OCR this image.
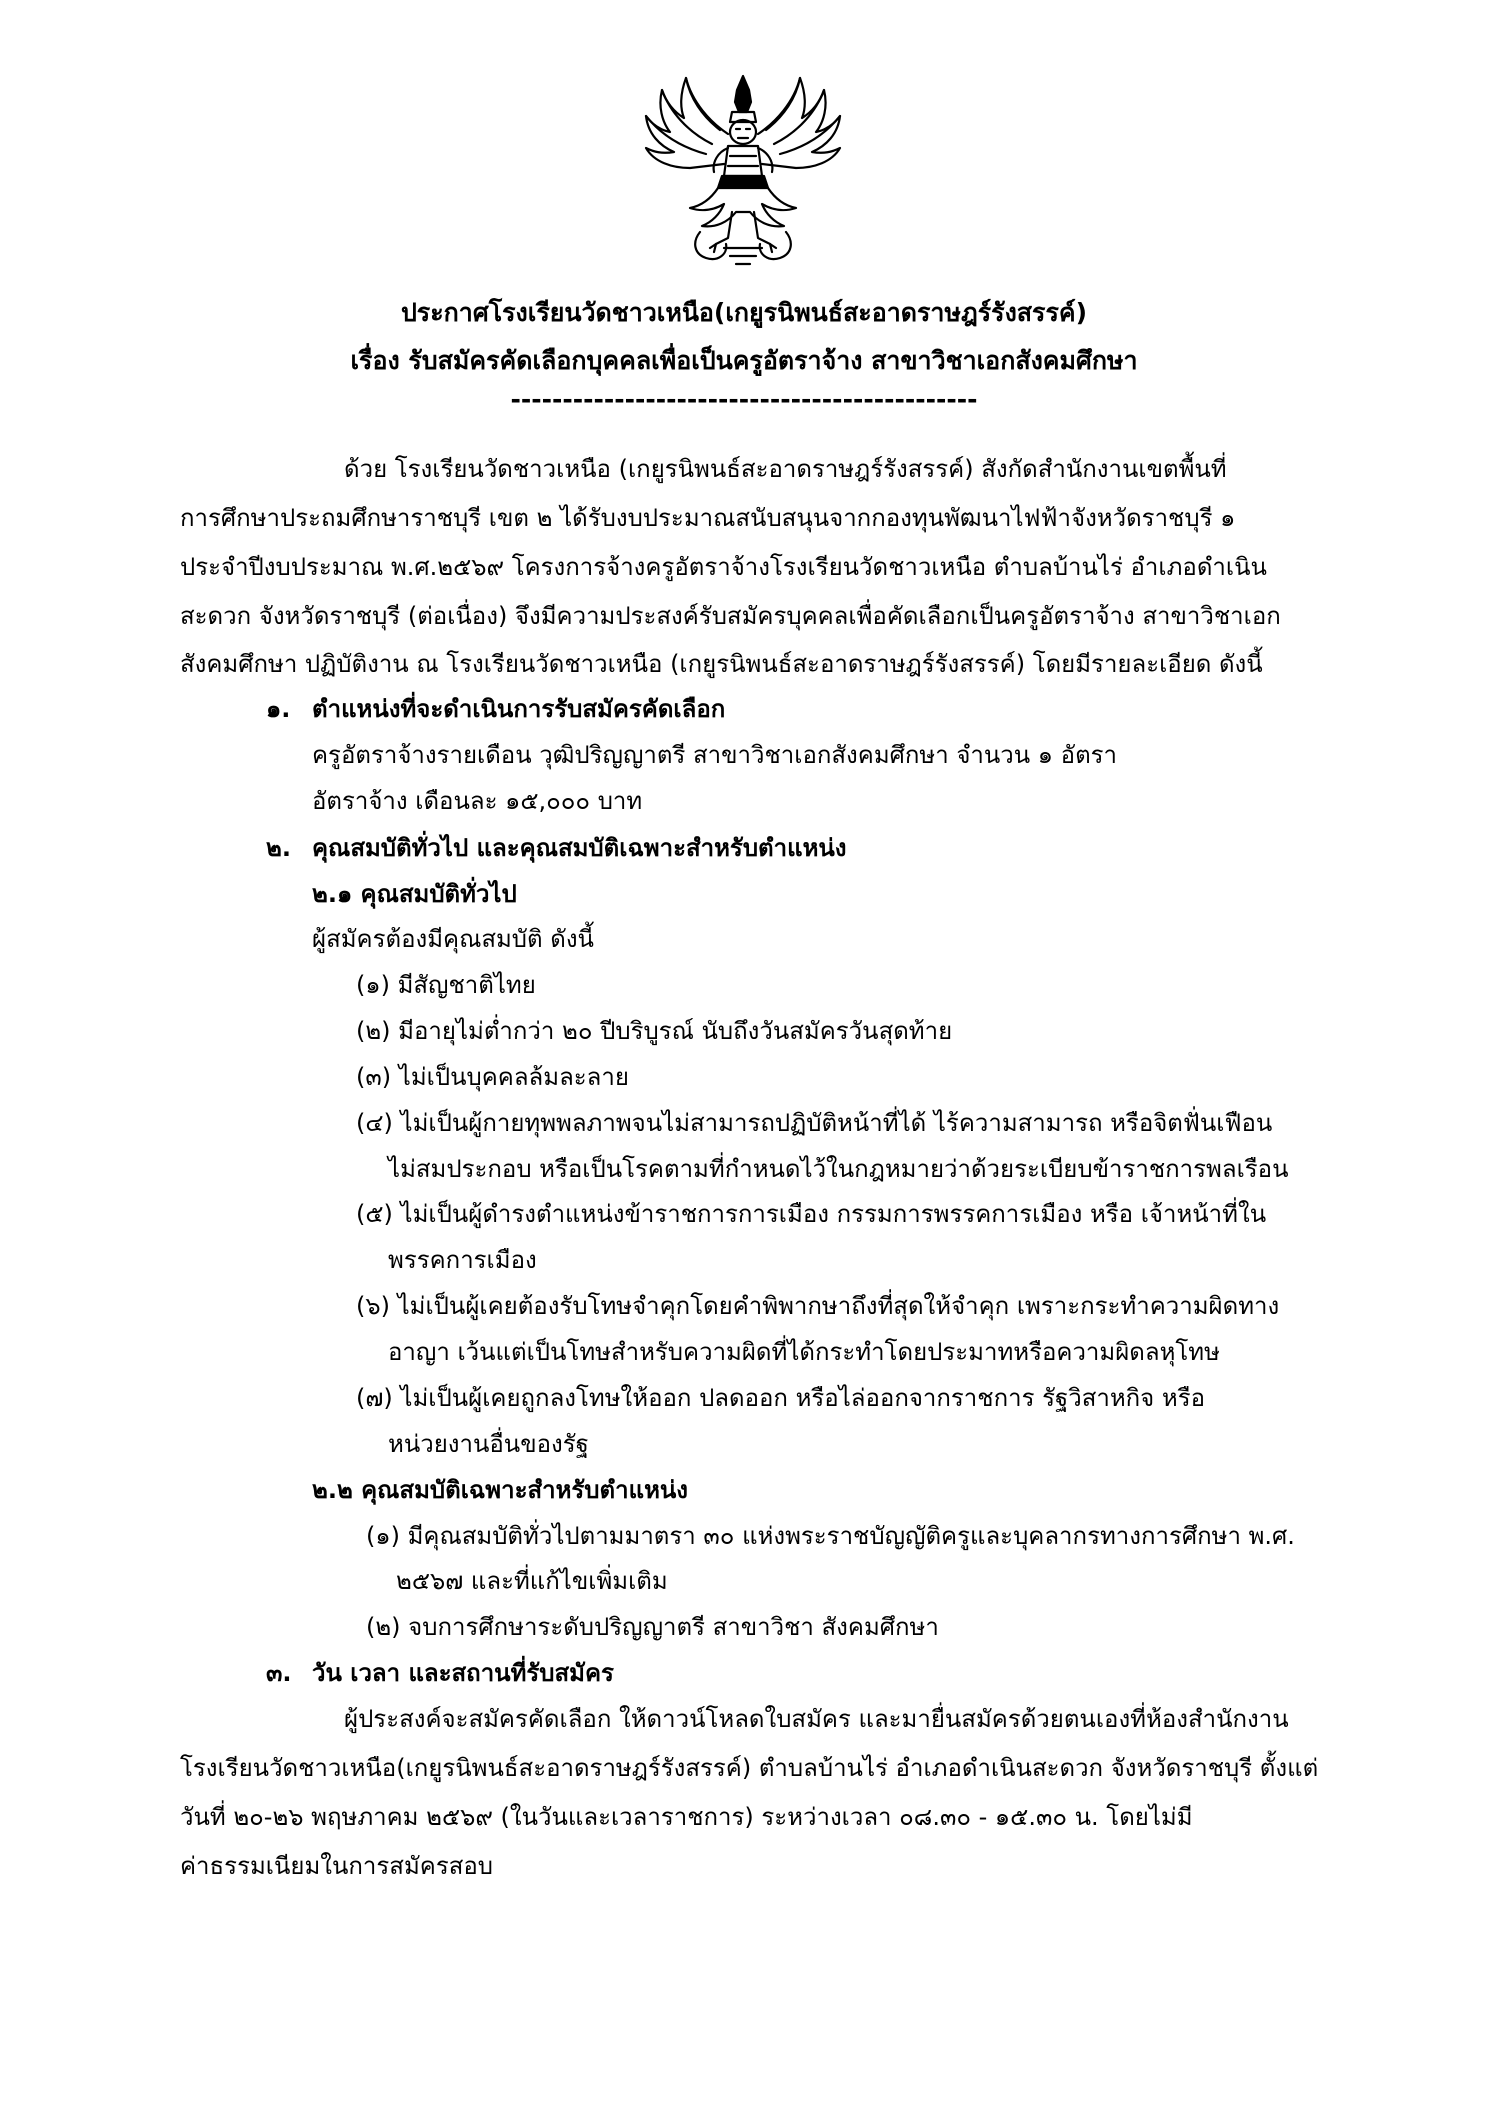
ประกาศโรงเรียนวัดชาวเหนือ(เกยูรนิพนธ์สะอาดราษฎร์รังสรรค์)
เรื่อง รับสมัครคัดเลือกบุคคลเพื่อเป็นครูอัตราจ้าง สาขาวิชาเอกสังคมศึกษา
---------------------------------------------
ด้วย โรงเรียนวัดชาวเหนือ (เกยูรนิพนธ์สะอาดราษฎร์รังสรรค์) สังกัดสำนักงานเขตพื้นที่
การศึกษาประถมศึกษาราชบุรี เขต ๒ ได้รับงบประมาณสนับสนุนจากกองทุนพัฒนาไฟฟ้าจังหวัดราชบุรี ๑
ประจำปีงบประมาณ พ.ศ.๒๕๖๙ โครงการจ้างครูอัตราจ้างโรงเรียนวัดชาวเหนือ ตำบลบ้านไร่ อำเภอดำเนิน
สะดวก จังหวัดราชบุรี (ต่อเนื่อง) จึงมีความประสงค์รับสมัครบุคคลเพื่อคัดเลือกเป็นครูอัตราจ้าง สาขาวิชาเอก
สังคมศึกษา ปฏิบัติงาน ณ โรงเรียนวัดชาวเหนือ (เกยูรนิพนธ์สะอาดราษฎร์รังสรรค์) โดยมีรายละเอียด ดังนี้
๑. ตำแหน่งที่จะดำเนินการรับสมัครคัดเลือก
ครูอัตราจ้างรายเดือน วุฒิปริญญาตรี สาขาวิชาเอกสังคมศึกษา จำนวน ๑ อัตรา
อัตราจ้าง เดือนละ ๑๕,๐๐๐ บาท
๒. คุณสมบัติทั่วไป และคุณสมบัติเฉพาะสำหรับตำแหน่ง
๒.๑ คุณสมบัติทั่วไป
ผู้สมัครต้องมีคุณสมบัติ ดังนี้
(๑) มีสัญชาติไทย
(๒) มีอายุไม่ต่ำกว่า ๒๐ ปีบริบูรณ์ นับถึงวันสมัครวันสุดท้าย
(๓) ไม่เป็นบุคคลล้มละลาย
(๔) ไม่เป็นผู้กายทุพพลภาพจนไม่สามารถปฏิบัติหน้าที่ได้ ไร้ความสามารถ หรือจิตฟั่นเฟือน
ไม่สมประกอบ หรือเป็นโรคตามที่กำหนดไว้ในกฎหมายว่าด้วยระเบียบข้าราชการพลเรือน
(๕) ไม่เป็นผู้ดำรงตำแหน่งข้าราชการการเมือง กรรมการพรรคการเมือง หรือ เจ้าหน้าที่ใน
พรรคการเมือง
(๖) ไม่เป็นผู้เคยต้องรับโทษจำคุกโดยคำพิพากษาถึงที่สุดให้จำคุก เพราะกระทำความผิดทาง
อาญา เว้นแต่เป็นโทษสำหรับความผิดที่ได้กระทำโดยประมาทหรือความผิดลหุโทษ
(๗) ไม่เป็นผู้เคยถูกลงโทษให้ออก ปลดออก หรือไล่ออกจากราชการ รัฐวิสาหกิจ หรือ
หน่วยงานอื่นของรัฐ
๒.๒ คุณสมบัติเฉพาะสำหรับตำแหน่ง
(๑) มีคุณสมบัติทั่วไปตามมาตรา ๓๐ แห่งพระราชบัญญัติครูและบุคลากรทางการศึกษา พ.ศ.
๒๕๖๗ และที่แก้ไขเพิ่มเติม
(๒) จบการศึกษาระดับปริญญาตรี สาขาวิชา สังคมศึกษา
๓. วัน เวลา และสถานที่รับสมัคร
ผู้ประสงค์จะสมัครคัดเลือก ให้ดาวน์โหลดใบสมัคร และมายื่นสมัครด้วยตนเองที่ห้องสำนักงาน
โรงเรียนวัดชาวเหนือ(เกยูรนิพนธ์สะอาดราษฎร์รังสรรค์) ตำบลบ้านไร่ อำเภอดำเนินสะดวก จังหวัดราชบุรี ตั้งแต่
วันที่ ๒๐-๒๖ พฤษภาคม ๒๕๖๙ (ในวันและเวลาราชการ) ระหว่างเวลา ๐๘.๓๐ - ๑๕.๓๐ น. โดยไม่มี
ค่าธรรมเนียมในการสมัครสอบ
